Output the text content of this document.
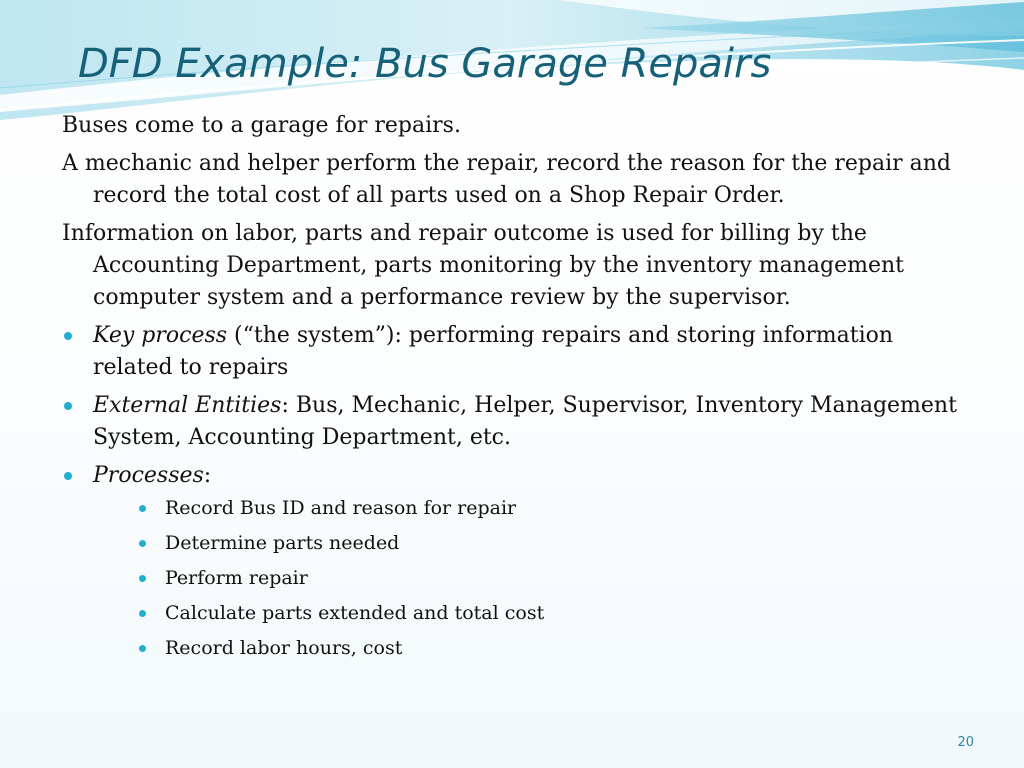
DFD Example: Bus Garage Repairs

Buses come to a garage for repairs.

A mechanic and helper perform the repair, record the reason for the repair and record the total cost of all parts used on a Shop Repair Order.

Information on labor, parts and repair outcome is used for billing by the Accounting Department, parts monitoring by the inventory management computer system and a performance review by the supervisor.

Key process (“the system”): performing repairs and storing information related to repairs
External Entities: Bus, Mechanic, Helper, Supervisor, Inventory Management System, Accounting Department, etc.
Processes:
Record Bus ID and reason for repair
Determine parts needed
Perform repair
Calculate parts extended and total cost
Record labor hours, cost
20
